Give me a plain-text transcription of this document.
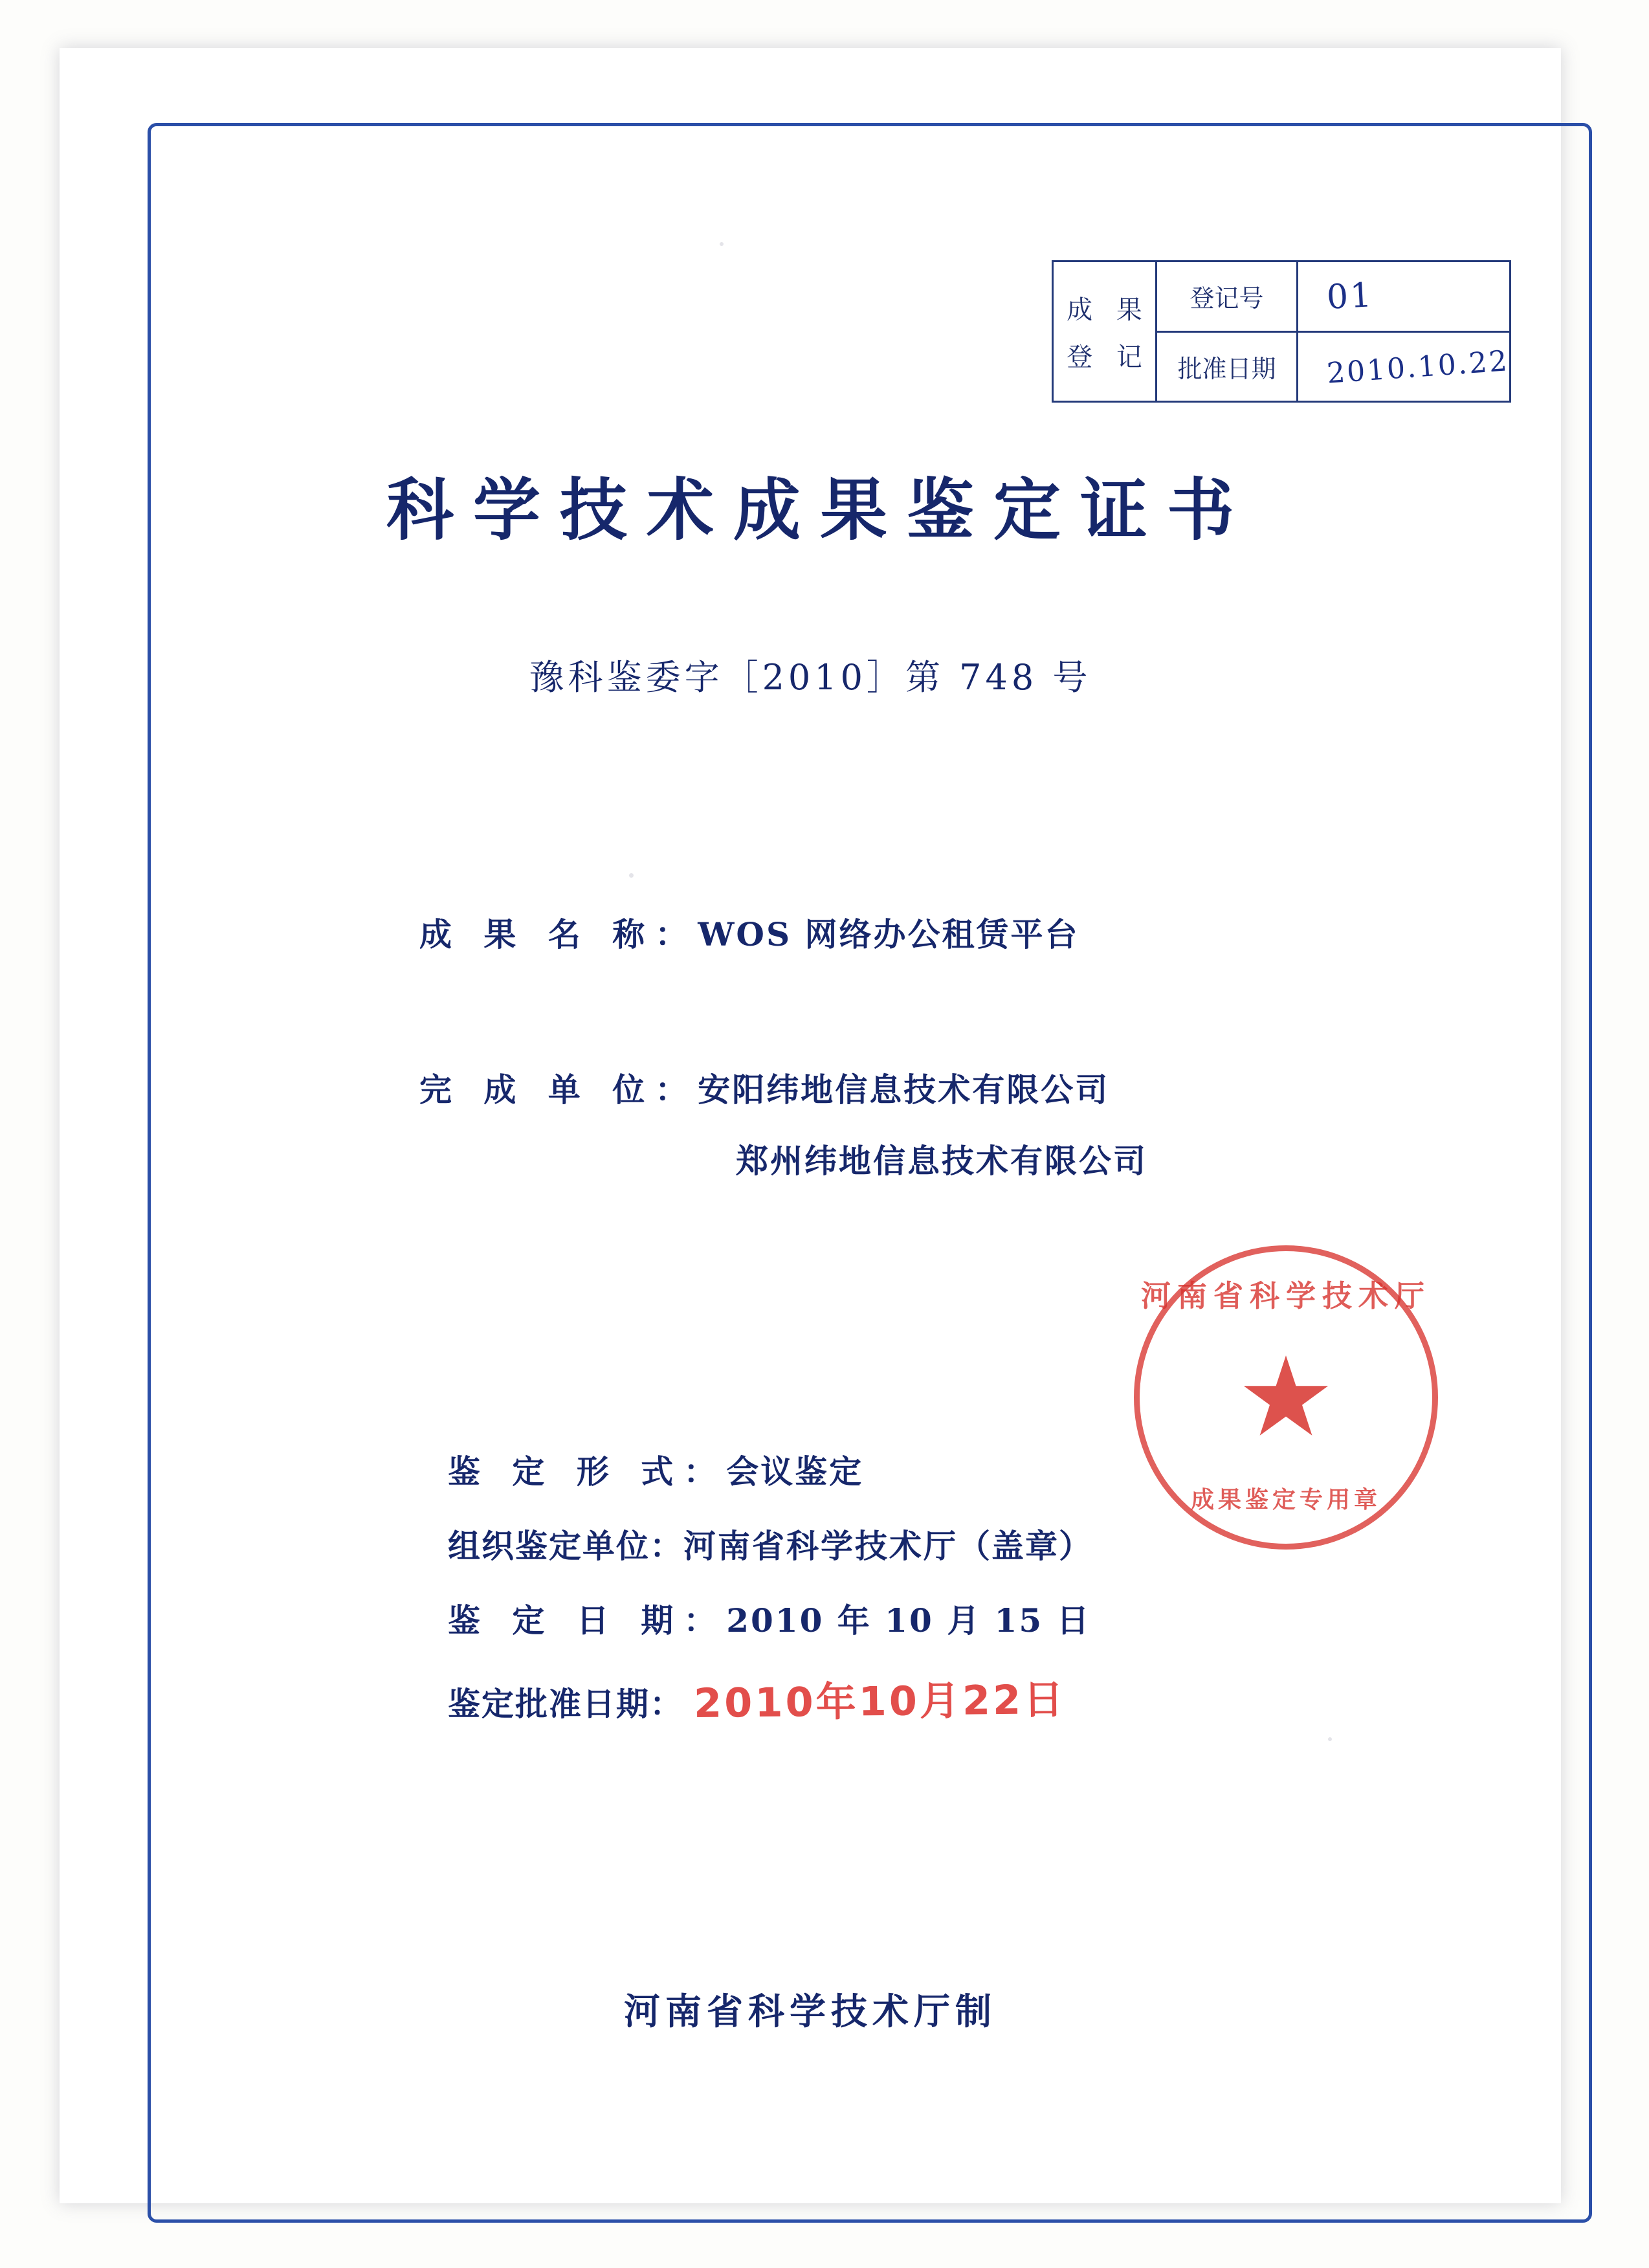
成 果
登 记
登记号	01
批准日期	2010.10.22
科学技术成果鉴定证书
豫科鉴委字［2010］第 748 号
成 果 名 称： WOS 网络办公租赁平台
完 成 单 位： 安阳纬地信息技术有限公司
郑州纬地信息技术有限公司
河南省科学技术厅
★
成果鉴定专用章
鉴 定 形 式： 会议鉴定
组织鉴定单位： 河南省科学技术厅 （盖章）
鉴 定 日 期： 2010 年 10 月 15 日
鉴定批准日期： 2010年10月22日
河南省科学技术厅制
